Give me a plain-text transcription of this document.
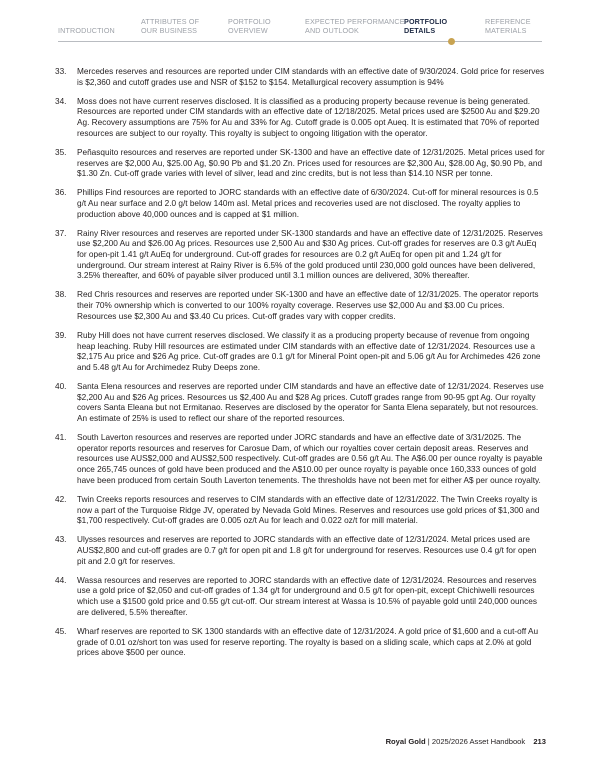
INTRODUCTION
ATTRIBUTES OF
OUR BUSINESS
PORTFOLIO
OVERVIEW
EXPECTED PERFORMANCE
AND OUTLOOK
PORTFOLIO
DETAILS
REFERENCE
MATERIALS
33.	Mercedes reserves and resources are reported under CIM standards with an effective date of 9/30/2024. Gold price for reserves is $2,360 and cutoff grades use and NSR of $152 to $154. Metallurgical recovery assumption is 94%
34.	Moss does not have current reserves disclosed. It is classified as a producing property because revenue is being generated. Resources are reported under CIM standards with an effective date of 12/18/2025. Metal prices used are $2500 Au and $29.20 Ag. Recovery assumptions are 75% for Au and 33% for Ag. Cutoff grade is 0.005 opt Aueq. It is estimated that 70% of reported resources are subject to our royalty. This royalty is subject to ongoing litigation with the operator.
35.	Peñasquito resources and reserves are reported under SK-1300 and have an effective date of 12/31/2025. Metal prices used for reserves are $2,000 Au, $25.00 Ag, $0.90 Pb and $1.20 Zn. Prices used for resources are $2,300 Au, $28.00 Ag, $0.90 Pb, and $1.30 Zn. Cut-off grade varies with level of silver, lead and zinc credits, but is not less than $14.10 NSR per tonne.
36.	Phillips Find resources are reported to JORC standards with an effective date of 6/30/2024. Cut-off for mineral resources is 0.5 g/t Au near surface and 2.0 g/t below 140m asl. Metal prices and recoveries used are not disclosed. The royalty applies to production above 40,000 ounces and is capped at $1 million.
37.	Rainy River resources and reserves are reported under SK-1300 standards and have an effective date of 12/31/2025. Reserves use $2,200 Au and $26.00 Ag prices. Resources use 2,500 Au and $30 Ag prices. Cut-off grades for reserves are 0.3 g/t AuEq for open-pit 1.41 g/t AuEq for underground. Cut-off grades for resources are 0.2 g/t AuEq for open pit and 1.24 g/t for underground. Our stream interest at Rainy River is 6.5% of the gold produced until 230,000 gold ounces have been delivered, 3.25% thereafter, and 60% of payable silver produced until 3.1 million ounces are delivered, 30% thereafter.
38.	Red Chris resources and reserves are reported under SK-1300 and have an effective date of 12/31/2025. The operator reports their 70% ownership which is converted to our 100% royalty coverage. Reserves use $2,000 Au and $3.00 Cu prices. Resources use $2,300 Au and $3.40 Cu prices. Cut-off grades vary with copper credits.
39.	Ruby Hill does not have current reserves disclosed. We classify it as a producing property because of revenue from ongoing heap leaching. Ruby Hill resources are estimated under CIM standards with an effective date of 12/31/2024. Resources use a $2,175 Au price and $26 Ag price. Cut-off grades are 0.1 g/t for Mineral Point open-pit and 5.06 g/t Au for Archimedes 426 zone and 5.48 g/t Au for Archimedez Ruby Deeps zone.
40.	Santa Elena resources and reserves are reported under CIM standards and have an effective date of 12/31/2024. Reserves use $2,200 Au and $26 Ag prices. Resources us $2,400 Au and $28 Ag prices. Cutoff grades range from 90-95 gpt Ag. Our royalty covers Santa Eleana but not Ermitanao. Reserves are disclosed by the operator for Santa Elena separately, but not resources. An estimate of 25% is used to reflect our share of the reported resources.
41.	South Laverton resources and reserves are reported under JORC standards and have an effective date of 3/31/2025. The operator reports resources and reserves for Carosue Dam, of which our royalties cover certain deposit areas. Reserves and resources use AUS$2,000 and AUS$2,500 respectively. Cut-off grades are 0.56 g/t Au. The A$6.00 per ounce royalty is payable once 265,745 ounces of gold have been produced and the A$10.00 per ounce royalty is payable once 160,333 ounces of gold have been produced from certain South Laverton tenements. The thresholds have not been met for either A$ per ounce royalty.
42.	Twin Creeks reports resources and reserves to CIM standards with an effective date of 12/31/2022. The Twin Creeks royalty is now a part of the Turquoise Ridge JV, operated by Nevada Gold Mines. Reserves and resources use gold prices of $1,300 and $1,700 respectively. Cut-off grades are 0.005 oz/t Au for leach and 0.022 oz/t for mill material.
43.	Ulysses resources and reserves are reported to JORC standards with an effective date of 12/31/2024. Metal prices used are AUS$2,800 and cut-off grades are 0.7 g/t for open pit and 1.8 g/t for underground for reserves. Resources use 0.4 g/t for open pit and 2.0 g/t for reserves.
44.	Wassa resources and reserves are reported to JORC standards with an effective date of 12/31/2024. Resources and reserves use a gold price of $2,050 and cut-off grades of 1.34 g/t for underground and 0.5 g/t for open-pit, except Chichiwelli resources which use a $1500 gold price and 0.55 g/t cut-off. Our stream interest at Wassa is 10.5% of payable gold until 240,000 ounces are delivered, 5.5% thereafter.
45.	Wharf reserves are reported to SK 1300 standards with an effective date of 12/31/2024. A gold price of $1,600 and a cut-off Au grade of 0.01 oz/short ton was used for reserve reporting. The royalty is based on a sliding scale, which caps at 2.0% at gold prices above $500 per ounce.
Royal Gold | 2025/2026 Asset Handbook 213
